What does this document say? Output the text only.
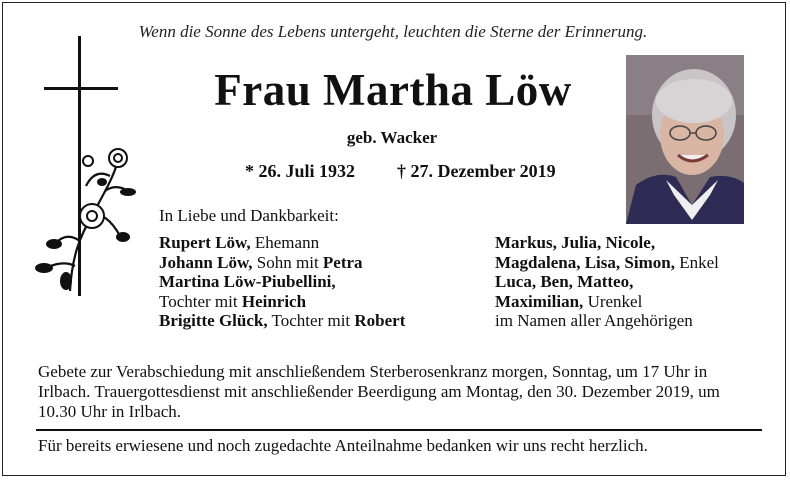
Wenn die Sonne des Lebens untergeht, leuchten die Sterne der Erinnerung.
Frau Martha Löw
geb. Wacker
* 26. Juli 1932 † 27. Dezember 2019
In Liebe und Dankbarkeit:
Rupert Löw, Ehemann
Johann Löw, Sohn mit Petra
Martina Löw-Piubellini,
Tochter mit Heinrich
Brigitte Glück, Tochter mit Robert
Markus, Julia, Nicole,
Magdalena, Lisa, Simon, Enkel
Luca, Ben, Matteo,
Maximilian, Urenkel
im Namen aller Angehörigen
Gebete zur Verabschiedung mit anschließendem Sterberosenkranz morgen, Sonntag, um 17 Uhr in Irlbach. Trauergottesdienst mit anschließender Beerdigung am Montag, den 30. Dezember 2019, um 10.30 Uhr in Irlbach.
Für bereits erwiesene und noch zugedachte Anteilnahme bedanken wir uns recht herzlich.
